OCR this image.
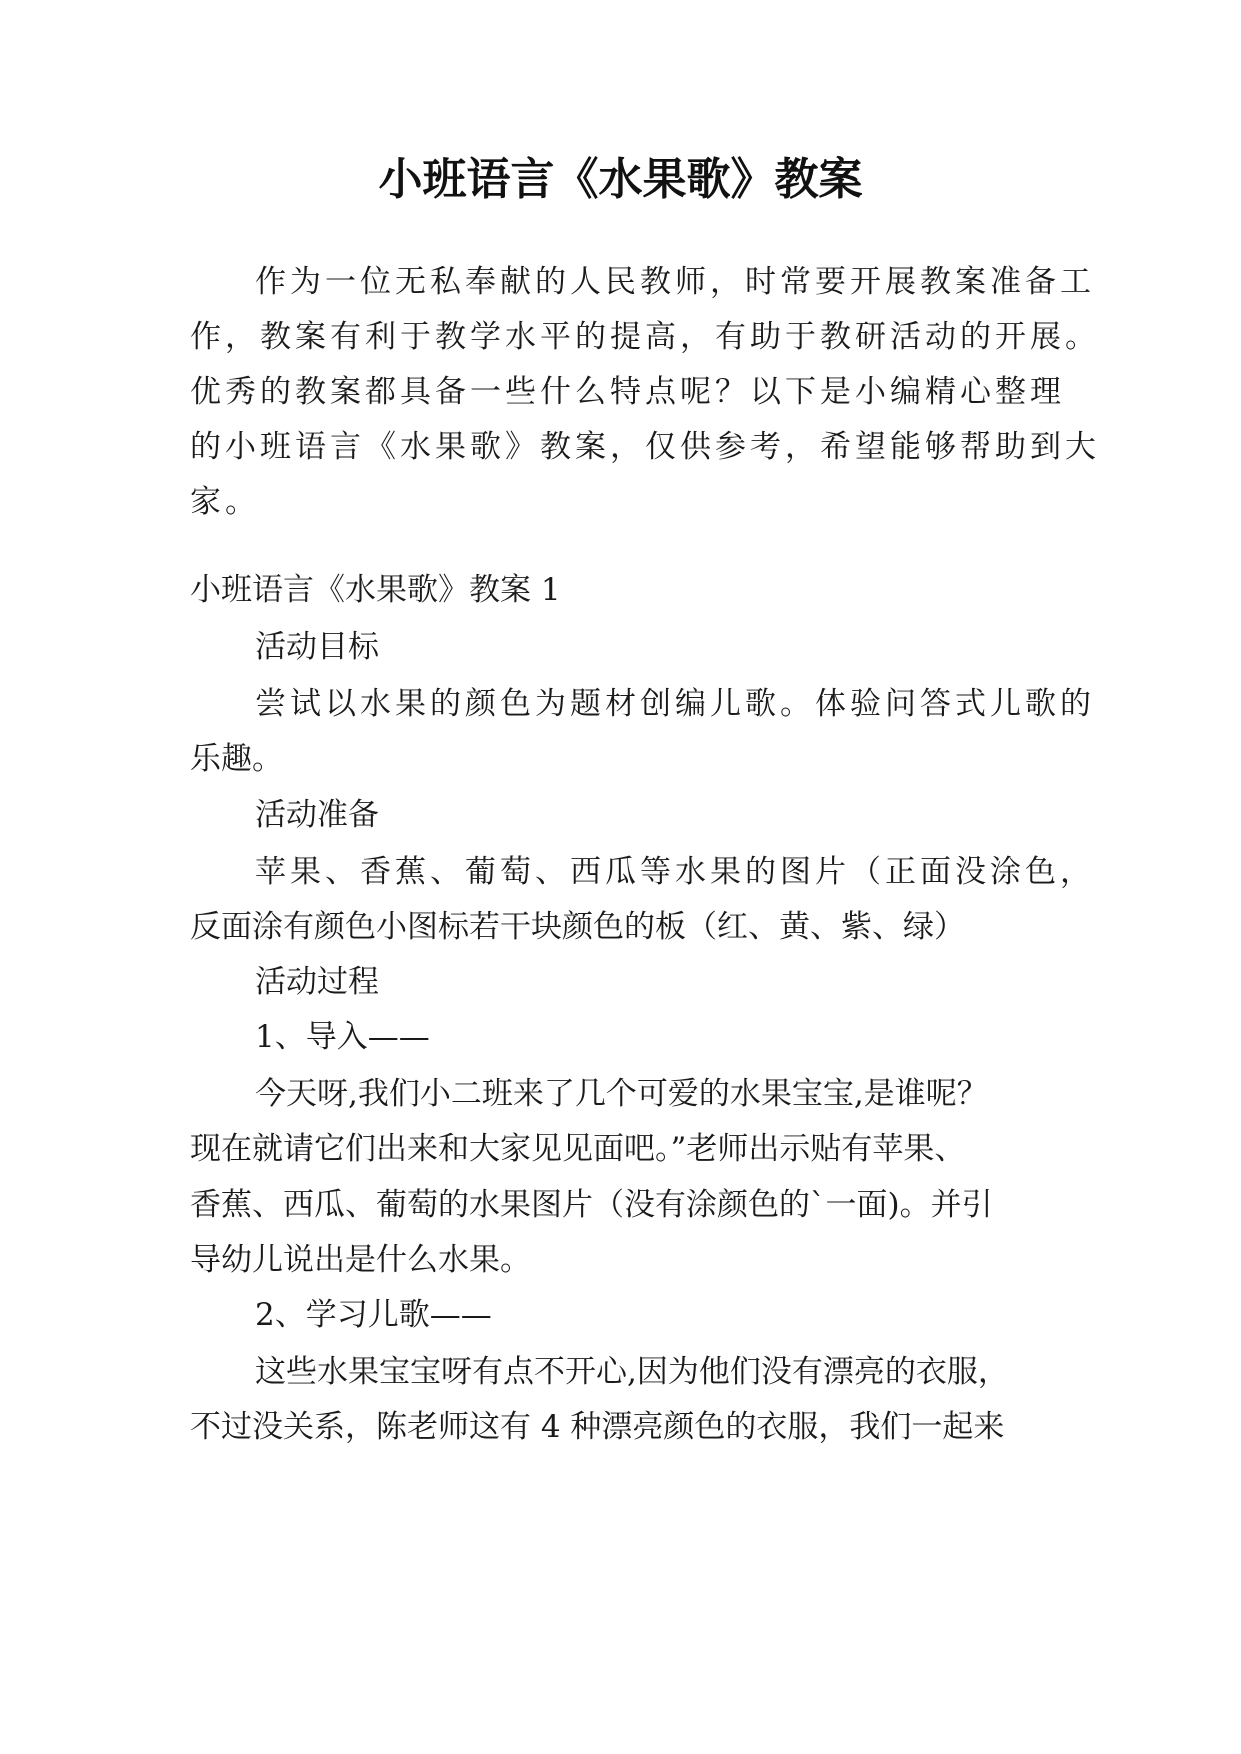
小班语言《水果歌》教案
作为一位无私奉献的人民教师，时常要开展教案准备工
作，教案有利于教学水平的提高，有助于教研活动的开展。
优秀的教案都具备一些什么特点呢？以下是小编精心整理
的小班语言《水果歌》教案，仅供参考，希望能够帮助到大
家。
小班语言《水果歌》教案 1
活动目标
尝试以水果的颜色为题材创编儿歌。体验问答式儿歌的
乐趣。
活动准备
苹果、香蕉、葡萄、西瓜等水果的图片（正面没涂色，
反面涂有颜色小图标若干块颜色的板（红、黄、紫、绿）
活动过程
1、导入——
今天呀,我们小二班来了几个可爱的水果宝宝,是谁呢？
现在就请它们出来和大家见见面吧。”老师出示贴有苹果、
香蕉、西瓜、葡萄的水果图片（没有涂颜色的`一面)。并引
导幼儿说出是什么水果。
2、学习儿歌——
这些水果宝宝呀有点不开心,因为他们没有漂亮的衣服，
不过没关系，陈老师这有 4 种漂亮颜色的衣服，我们一起来
